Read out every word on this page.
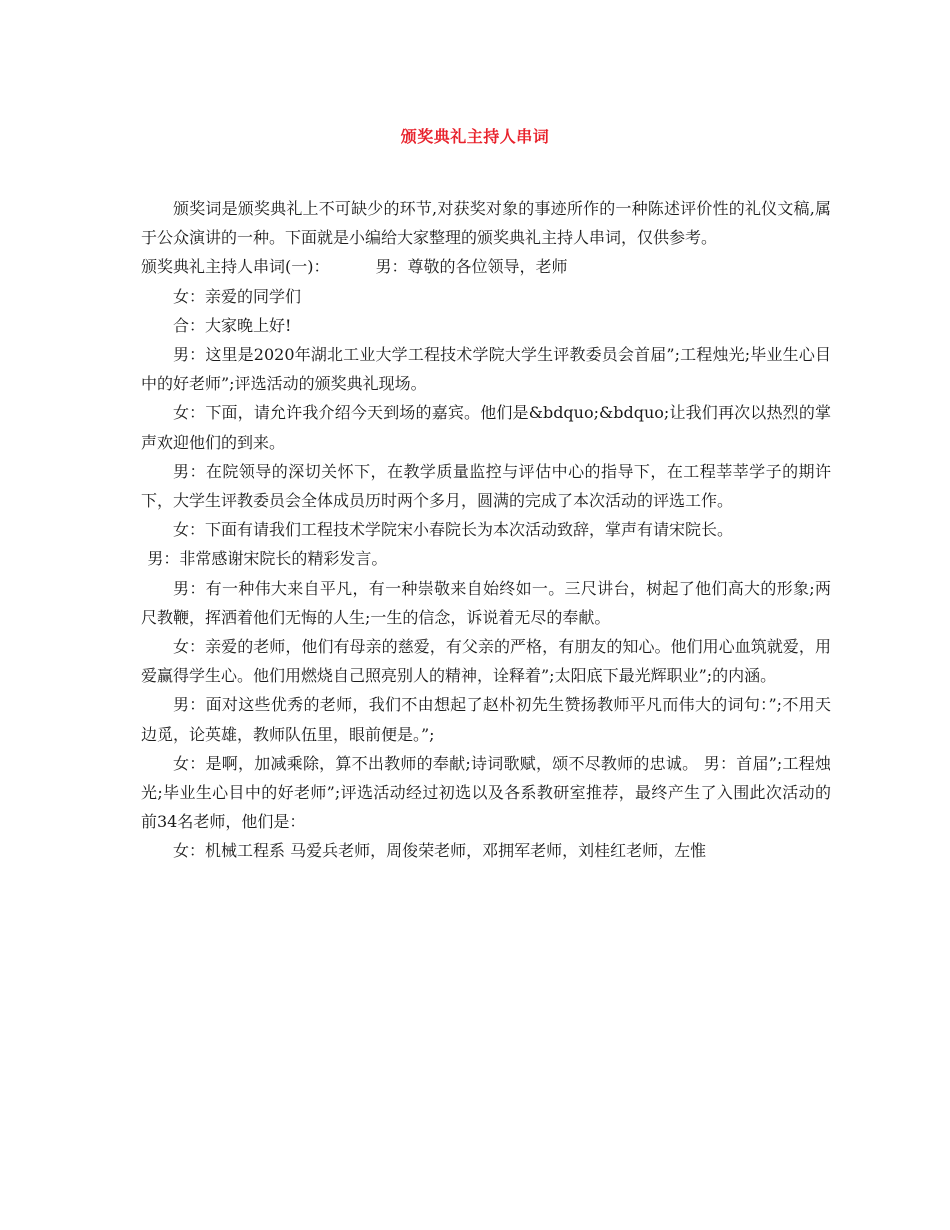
颁奖典礼主持人串词

颁奖词是颁奖典礼上不可缺少的环节,对获奖对象的事迹所作的一种陈述评价性的礼仪文稿,属于公众演讲的一种。下面就是小编给大家整理的颁奖典礼主持人串词，仅供参考。

颁奖典礼主持人串词(一)：	男：尊敬的各位领导，老师

女：亲爱的同学们

合：大家晚上好!

男：这里是2020年湖北工业大学工程技术学院大学生评教委员会首届”;工程烛光;毕业生心目中的好老师”;评选活动的颁奖典礼现场。

女：下面，请允许我介绍今天到场的嘉宾。他们是&bdquo;&bdquo;让我们再次以热烈的掌声欢迎他们的到来。

男：在院领导的深切关怀下，在教学质量监控与评估中心的指导下，在工程莘莘学子的期许下，大学生评教委员会全体成员历时两个多月，圆满的完成了本次活动的评选工作。

女：下面有请我们工程技术学院宋小春院长为本次活动致辞，掌声有请宋院长。

男：非常感谢宋院长的精彩发言。

男：有一种伟大来自平凡，有一种崇敬来自始终如一。三尺讲台，树起了他们高大的形象;两尺教鞭，挥洒着他们无悔的人生;一生的信念，诉说着无尽的奉献。

女：亲爱的老师，他们有母亲的慈爱，有父亲的严格，有朋友的知心。他们用心血筑就爱，用爱赢得学生心。他们用燃烧自己照亮别人的精神，诠释着”;太阳底下最光辉职业”;的内涵。

男：面对这些优秀的老师，我们不由想起了赵朴初先生赞扬教师平凡而伟大的词句：”;不用天边觅，论英雄，教师队伍里，眼前便是。”;

女：是啊，加减乘除，算不出教师的奉献;诗词歌赋，颂不尽教师的忠诚。 男：首届”;工程烛光;毕业生心目中的好老师”;评选活动经过初选以及各系教研室推荐，最终产生了入围此次活动的前34名老师，他们是：

女：机械工程系 马爱兵老师，周俊荣老师，邓拥军老师，刘桂红老师，左惟
